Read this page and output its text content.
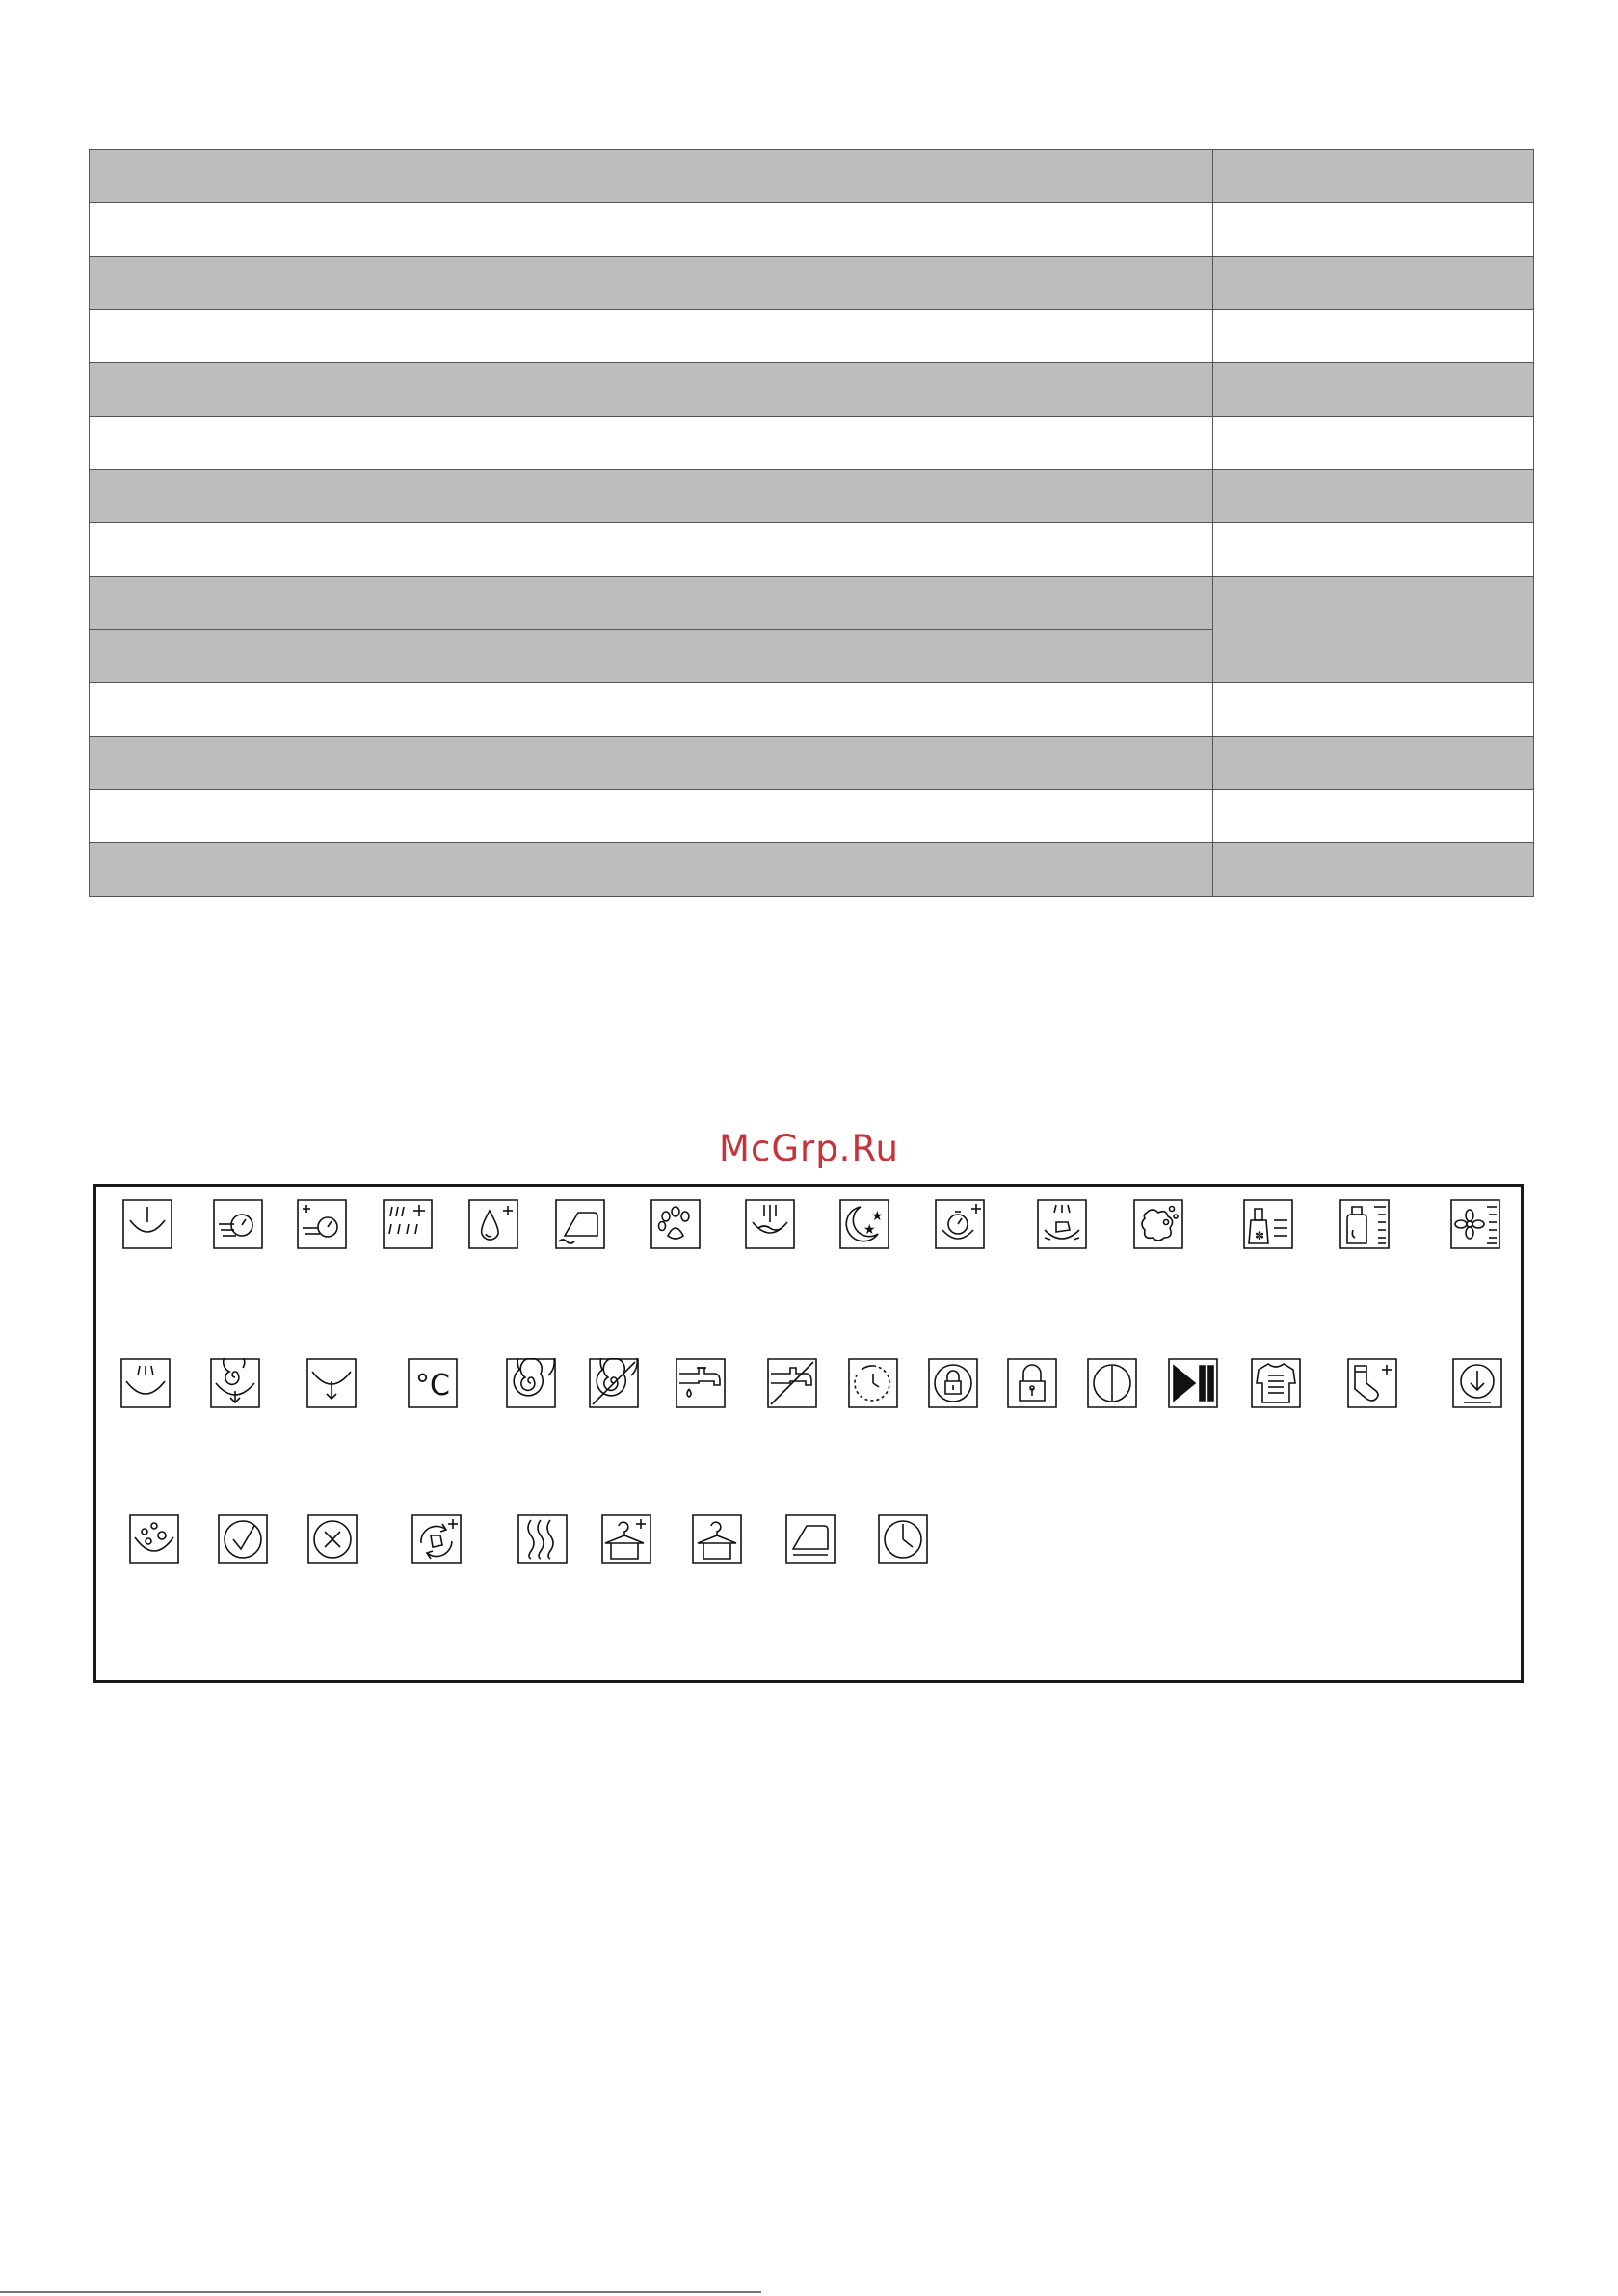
McGrp.Ru
★
★	✽
°C
